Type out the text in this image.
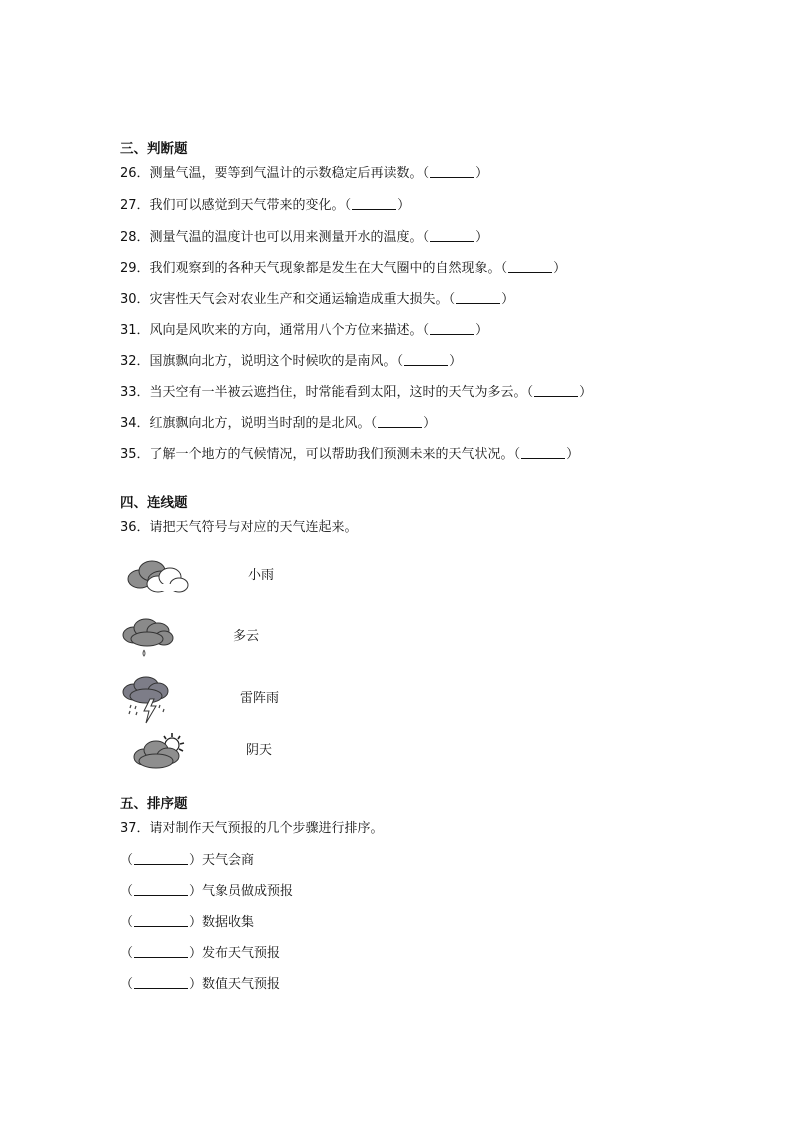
三、判断题
26．测量气温，要等到气温计的示数稳定后再读数。（	）
27．我们可以感觉到天气带来的变化。（	）
28．测量气温的温度计也可以用来测量开水的温度。（	）
29．我们观察到的各种天气现象都是发生在大气圈中的自然现象。（	）
30．灾害性天气会对农业生产和交通运输造成重大损失。（	）
31．风向是风吹来的方向，通常用八个方位来描述。（	）
32．国旗飘向北方，说明这个时候吹的是南风。（	）
33．当天空有一半被云遮挡住，时常能看到太阳，这时的天气为多云。（	）
34．红旗飘向北方，说明当时刮的是北风。（	）
35．了解一个地方的气候情况，可以帮助我们预测未来的天气状况。（	）
四、连线题
36．请把天气符号与对应的天气连起来。
小雨
多云
雷阵雨
阴天
五、排序题
37．请对制作天气预报的几个步骤进行排序。
（	）天气会商
（	）气象员做成预报
（	）数据收集
（	）发布天气预报
（	）数值天气预报
